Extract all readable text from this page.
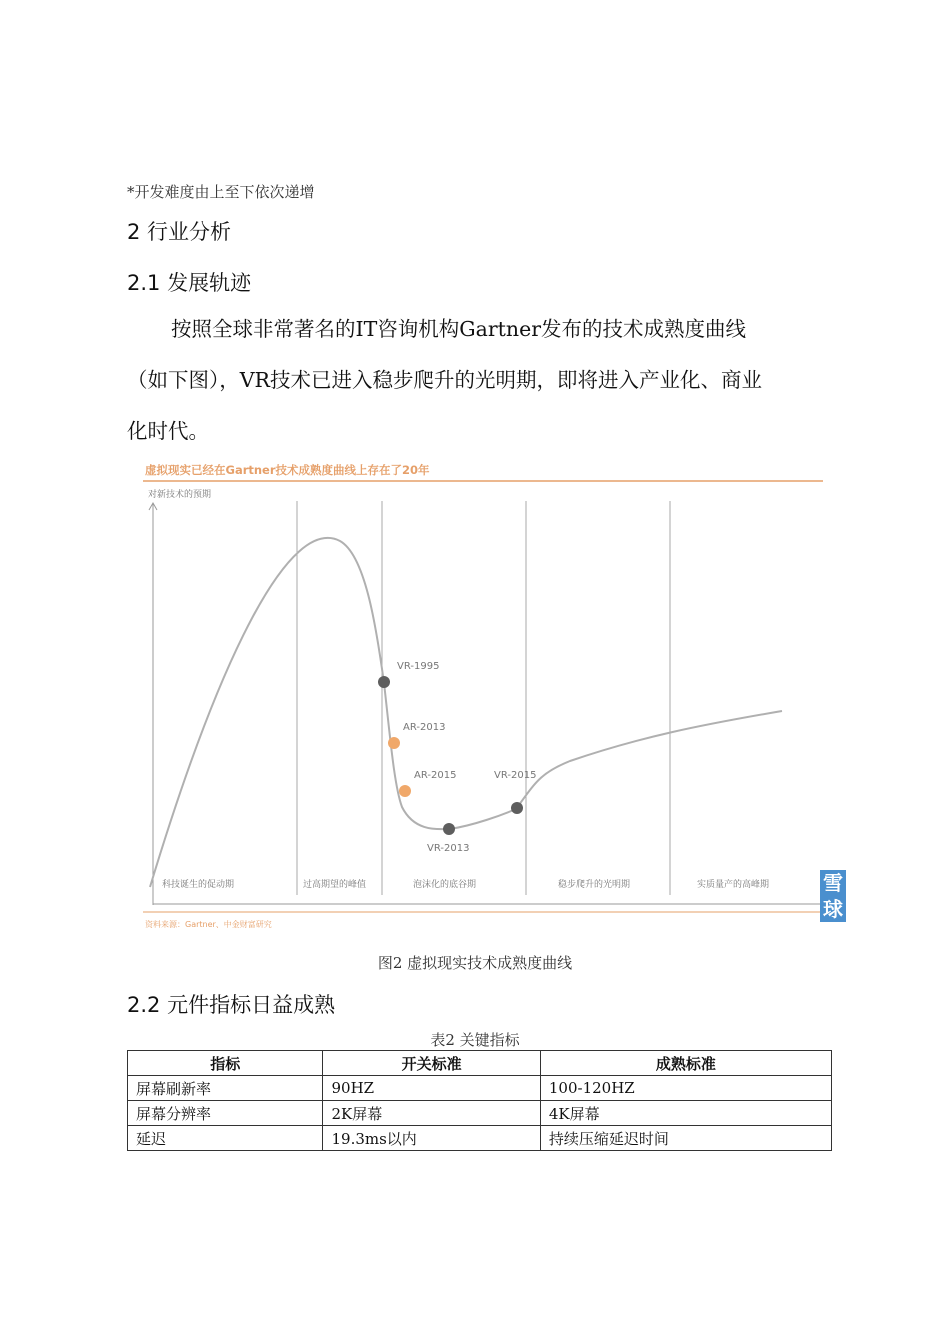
*开发难度由上至下依次递增
2 行业分析
2.1 发展轨迹
按照全球非常著名的IT咨询机构Gartner发布的技术成熟度曲线
（如下图），VR技术已进入稳步爬升的光明期，即将进入产业化、商业
化时代。
虚拟现实已经在Gartner技术成熟度曲线上存在了20年
对新技术的预期
VR-1995
AR-2013
AR-2015
VR-2013
VR-2015
科技诞生的促动期	过高期望的峰值	泡沫化的底谷期	稳步爬升的光明期	实质量产的高峰期
资料来源：Gartner、中金财富研究
雪球
图2 虚拟现实技术成熟度曲线
2.2 元件指标日益成熟
表2 关键指标
指标	开关标准	成熟标准
屏幕刷新率	90HZ	100-120HZ
屏幕分辨率	2K屏幕	4K屏幕
延迟	19.3ms以内	持续压缩延迟时间
